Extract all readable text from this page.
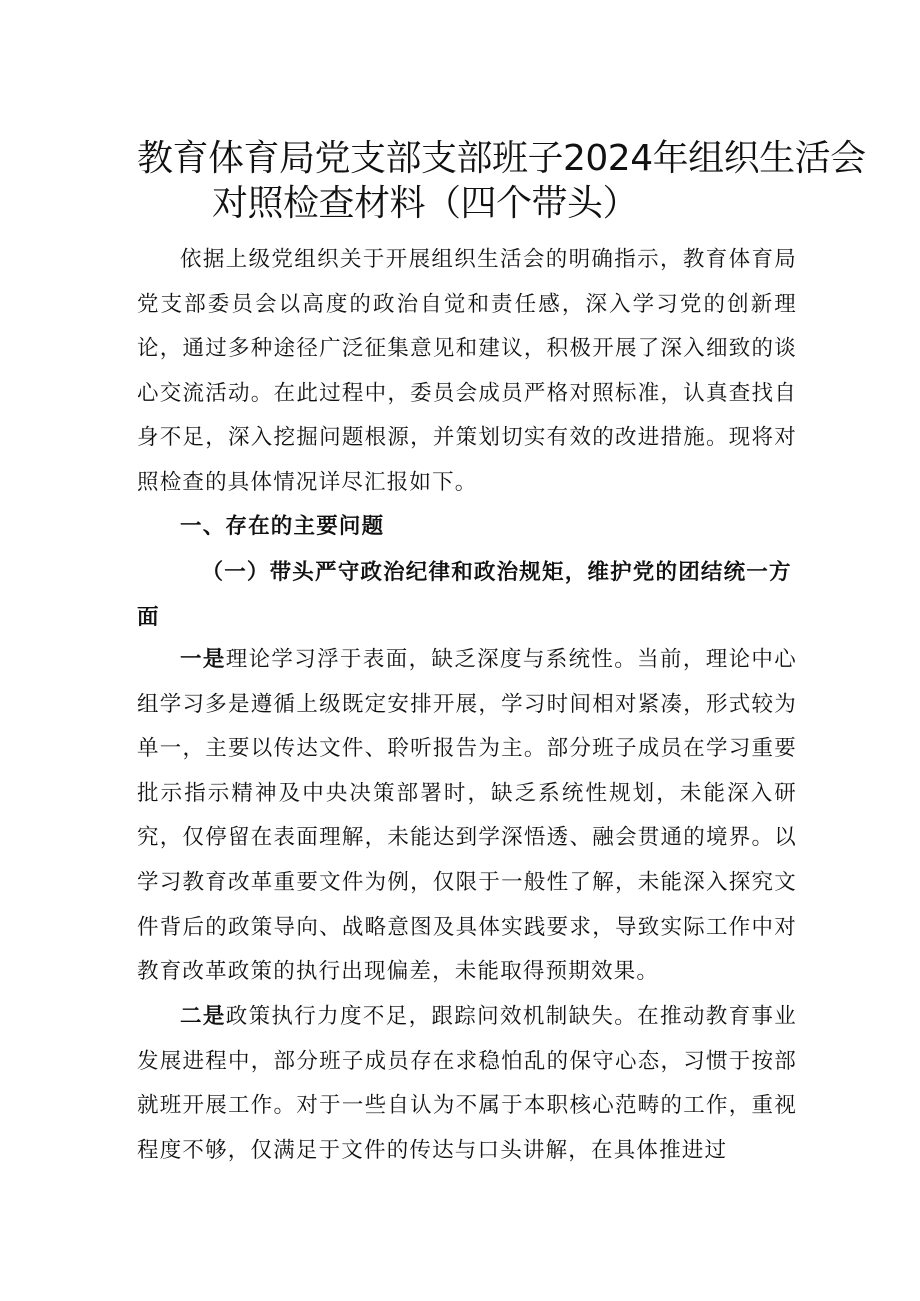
教育体育局党支部支部班子2024年组织生活会
对照检查材料（四个带头）

依据上级党组织关于开展组织生活会的明确指示，教育体育局党支部委员会以高度的政治自觉和责任感，深入学习党的创新理论，通过多种途径广泛征集意见和建议，积极开展了深入细致的谈心交流活动。在此过程中，委员会成员严格对照标准，认真查找自身不足，深入挖掘问题根源，并策划切实有效的改进措施。现将对照检查的具体情况详尽汇报如下。

一、存在的主要问题
（一）带头严守政治纪律和政治规矩，维护党的团结统一方面

一是理论学习浮于表面，缺乏深度与系统性。当前，理论中心组学习多是遵循上级既定安排开展，学习时间相对紧凑，形式较为单一，主要以传达文件、聆听报告为主。部分班子成员在学习重要批示指示精神及中央决策部署时，缺乏系统性规划，未能深入研究，仅停留在表面理解，未能达到学深悟透、融会贯通的境界。以学习教育改革重要文件为例，仅限于一般性了解，未能深入探究文件背后的政策导向、战略意图及具体实践要求，导致实际工作中对教育改革政策的执行出现偏差，未能取得预期效果。

二是政策执行力度不足，跟踪问效机制缺失。在推动教育事业发展进程中，部分班子成员存在求稳怕乱的保守心态，习惯于按部就班开展工作。对于一些自认为不属于本职核心范畴的工作，重视程度不够，仅满足于文件的传达与口头讲解，在具体推进过
